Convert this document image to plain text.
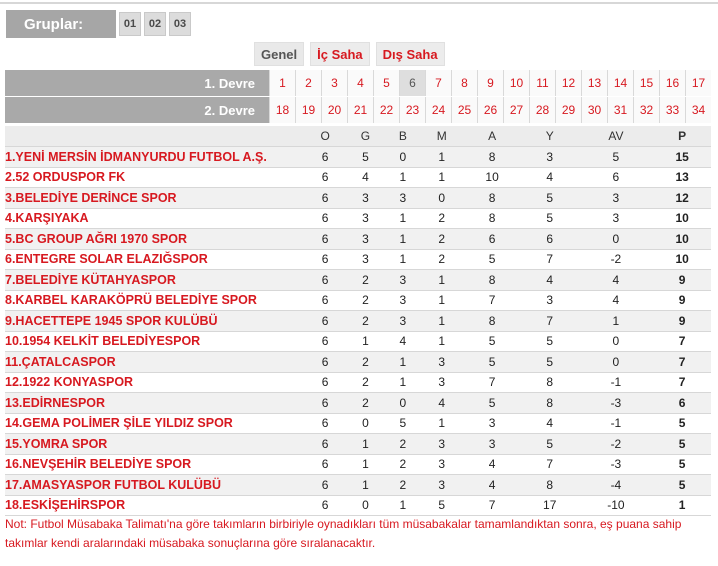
Gruplar:	01	02	03
Genel	İç Saha	Dış Saha
1. Devre	1	2	3	4	5	6	7	8	9	10	11	12	13	14	15	16	17
2. Devre	18	19	20	21	22	23	24	25	26	27	28	29	30	31	32	33	34
	O	G	B	M	A	Y	AV	P
1.YENİ MERSİN İDMANYURDU FUTBOL A.Ş.	6	5	0	1	8	3	5	15
2.52 ORDUSPOR FK	6	4	1	1	10	4	6	13
3.BELEDİYE DERİNCE SPOR	6	3	3	0	8	5	3	12
4.KARŞIYAKA	6	3	1	2	8	5	3	10
5.BC GROUP AĞRI 1970 SPOR	6	3	1	2	6	6	0	10
6.ENTEGRE SOLAR ELAZIĞSPOR	6	3	1	2	5	7	-2	10
7.BELEDİYE KÜTAHYASPOR	6	2	3	1	8	4	4	9
8.KARBEL KARAKÖPRÜ BELEDİYE SPOR	6	2	3	1	7	3	4	9
9.HACETTEPE 1945 SPOR KULÜBÜ	6	2	3	1	8	7	1	9
10.1954 KELKİT BELEDİYESPOR	6	1	4	1	5	5	0	7
11.ÇATALCASPOR	6	2	1	3	5	5	0	7
12.1922 KONYASPOR	6	2	1	3	7	8	-1	7
13.EDİRNESPOR	6	2	0	4	5	8	-3	6
14.GEMA POLİMER ŞİLE YILDIZ SPOR	6	0	5	1	3	4	-1	5
15.YOMRA SPOR	6	1	2	3	3	5	-2	5
16.NEVŞEHİR BELEDİYE SPOR	6	1	2	3	4	7	-3	5
17.AMASYASPOR FUTBOL KULÜBÜ	6	1	2	3	4	8	-4	5
18.ESKİŞEHİRSPOR	6	0	1	5	7	17	-10	1
Not: Futbol Müsabaka Talimatı'na göre takımların birbiriyle oynadıkları tüm müsabakalar tamamlandıktan sonra, eş puana sahip takımlar kendi aralarındaki müsabaka sonuçlarına göre sıralanacaktır.
